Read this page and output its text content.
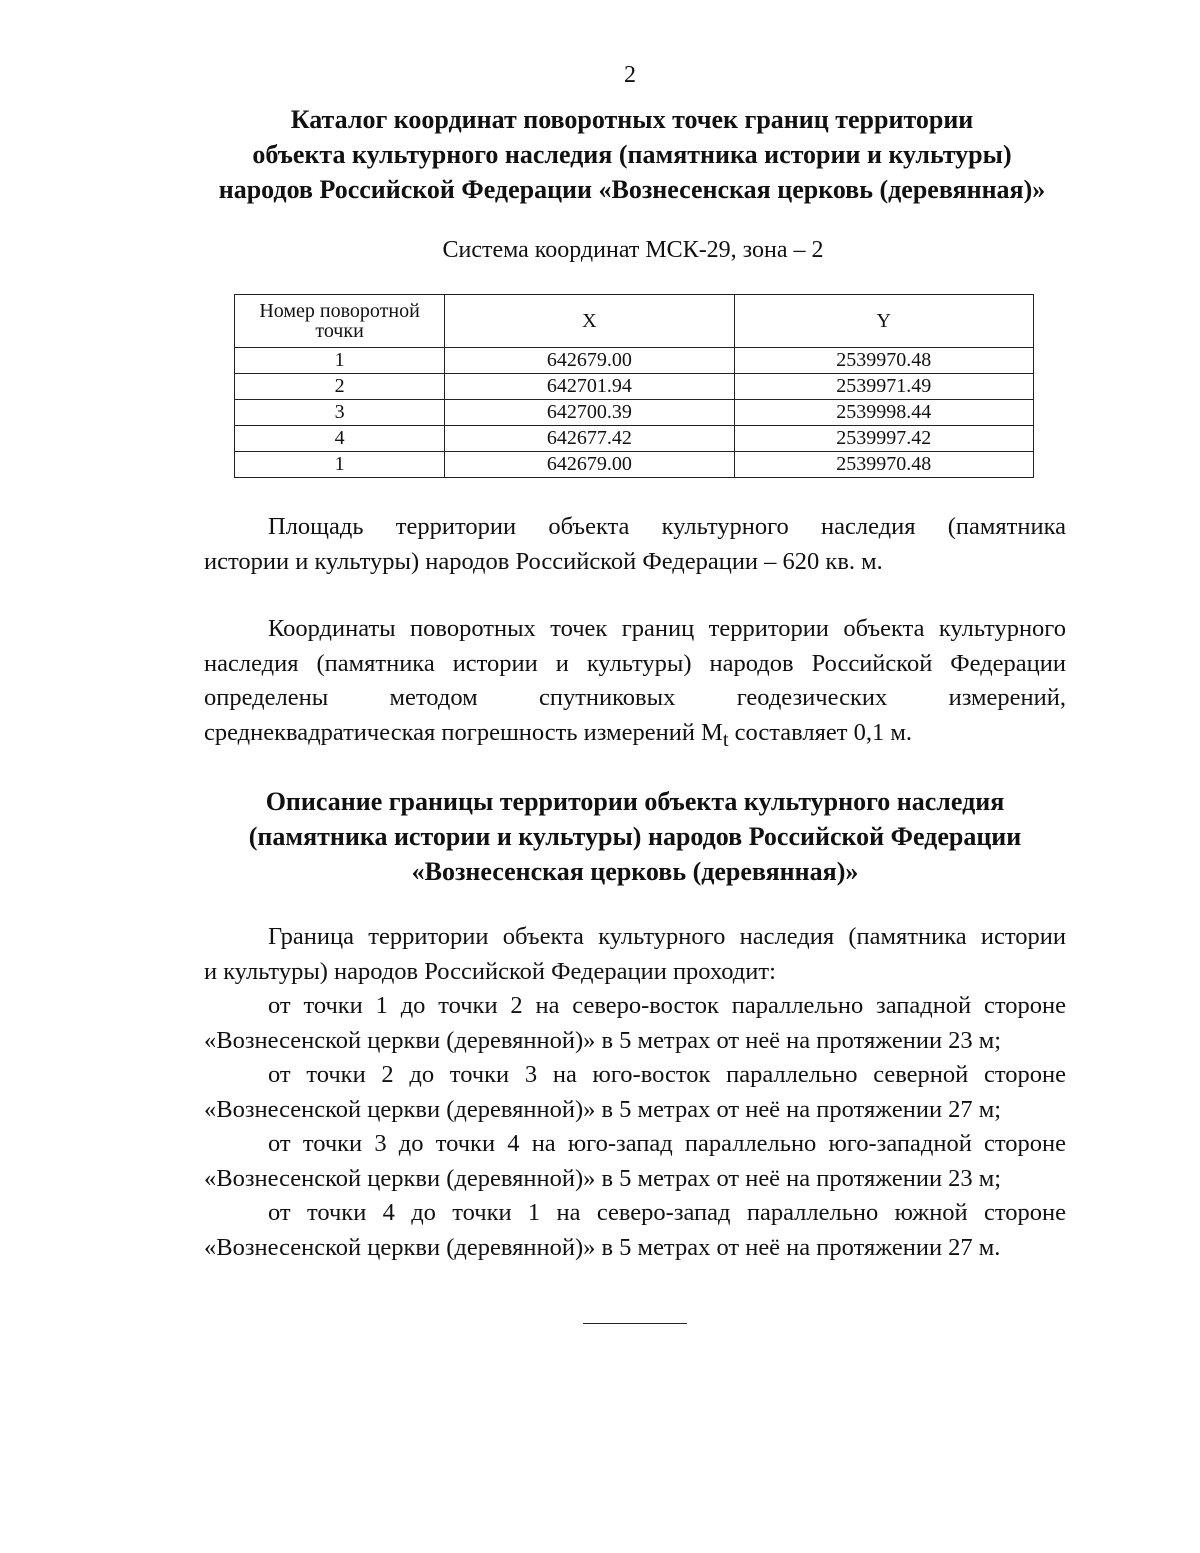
2
Каталог координат поворотных точек границ территории
объекта культурного наследия (памятника истории и культуры)
народов Российской Федерации «Вознесенская церковь (деревянная)»
Система координат МСК-29, зона – 2
Номер поворотной точки	X	Y
1	642679.00	2539970.48
2	642701.94	2539971.49
3	642700.39	2539998.44
4	642677.42	2539997.42
1	642679.00	2539970.48
Площадь территории объекта культурного наследия (памятника
истории и культуры) народов Российской Федерации – 620 кв. м.
Координаты поворотных точек границ территории объекта культурного
наследия (памятника истории и культуры) народов Российской Федерации
определены методом спутниковых геодезических измерений,
среднеквадратическая погрешность измерений $M_t$ составляет 0,1 м.
Описание границы территории объекта культурного наследия
(памятника истории и культуры) народов Российской Федерации
«Вознесенская церковь (деревянная)»
Граница территории объекта культурного наследия (памятника истории
и культуры) народов Российской Федерации проходит:
от точки 1 до точки 2 на северо-восток параллельно западной стороне
«Вознесенской церкви (деревянной)» в 5 метрах от неё на протяжении 23 м;
от точки 2 до точки 3 на юго-восток параллельно северной стороне
«Вознесенской церкви (деревянной)» в 5 метрах от неё на протяжении 27 м;
от точки 3 до точки 4 на юго-запад параллельно юго-западной стороне
«Вознесенской церкви (деревянной)» в 5 метрах от неё на протяжении 23 м;
от точки 4 до точки 1 на северо-запад параллельно южной стороне
«Вознесенской церкви (деревянной)» в 5 метрах от неё на протяжении 27 м.
